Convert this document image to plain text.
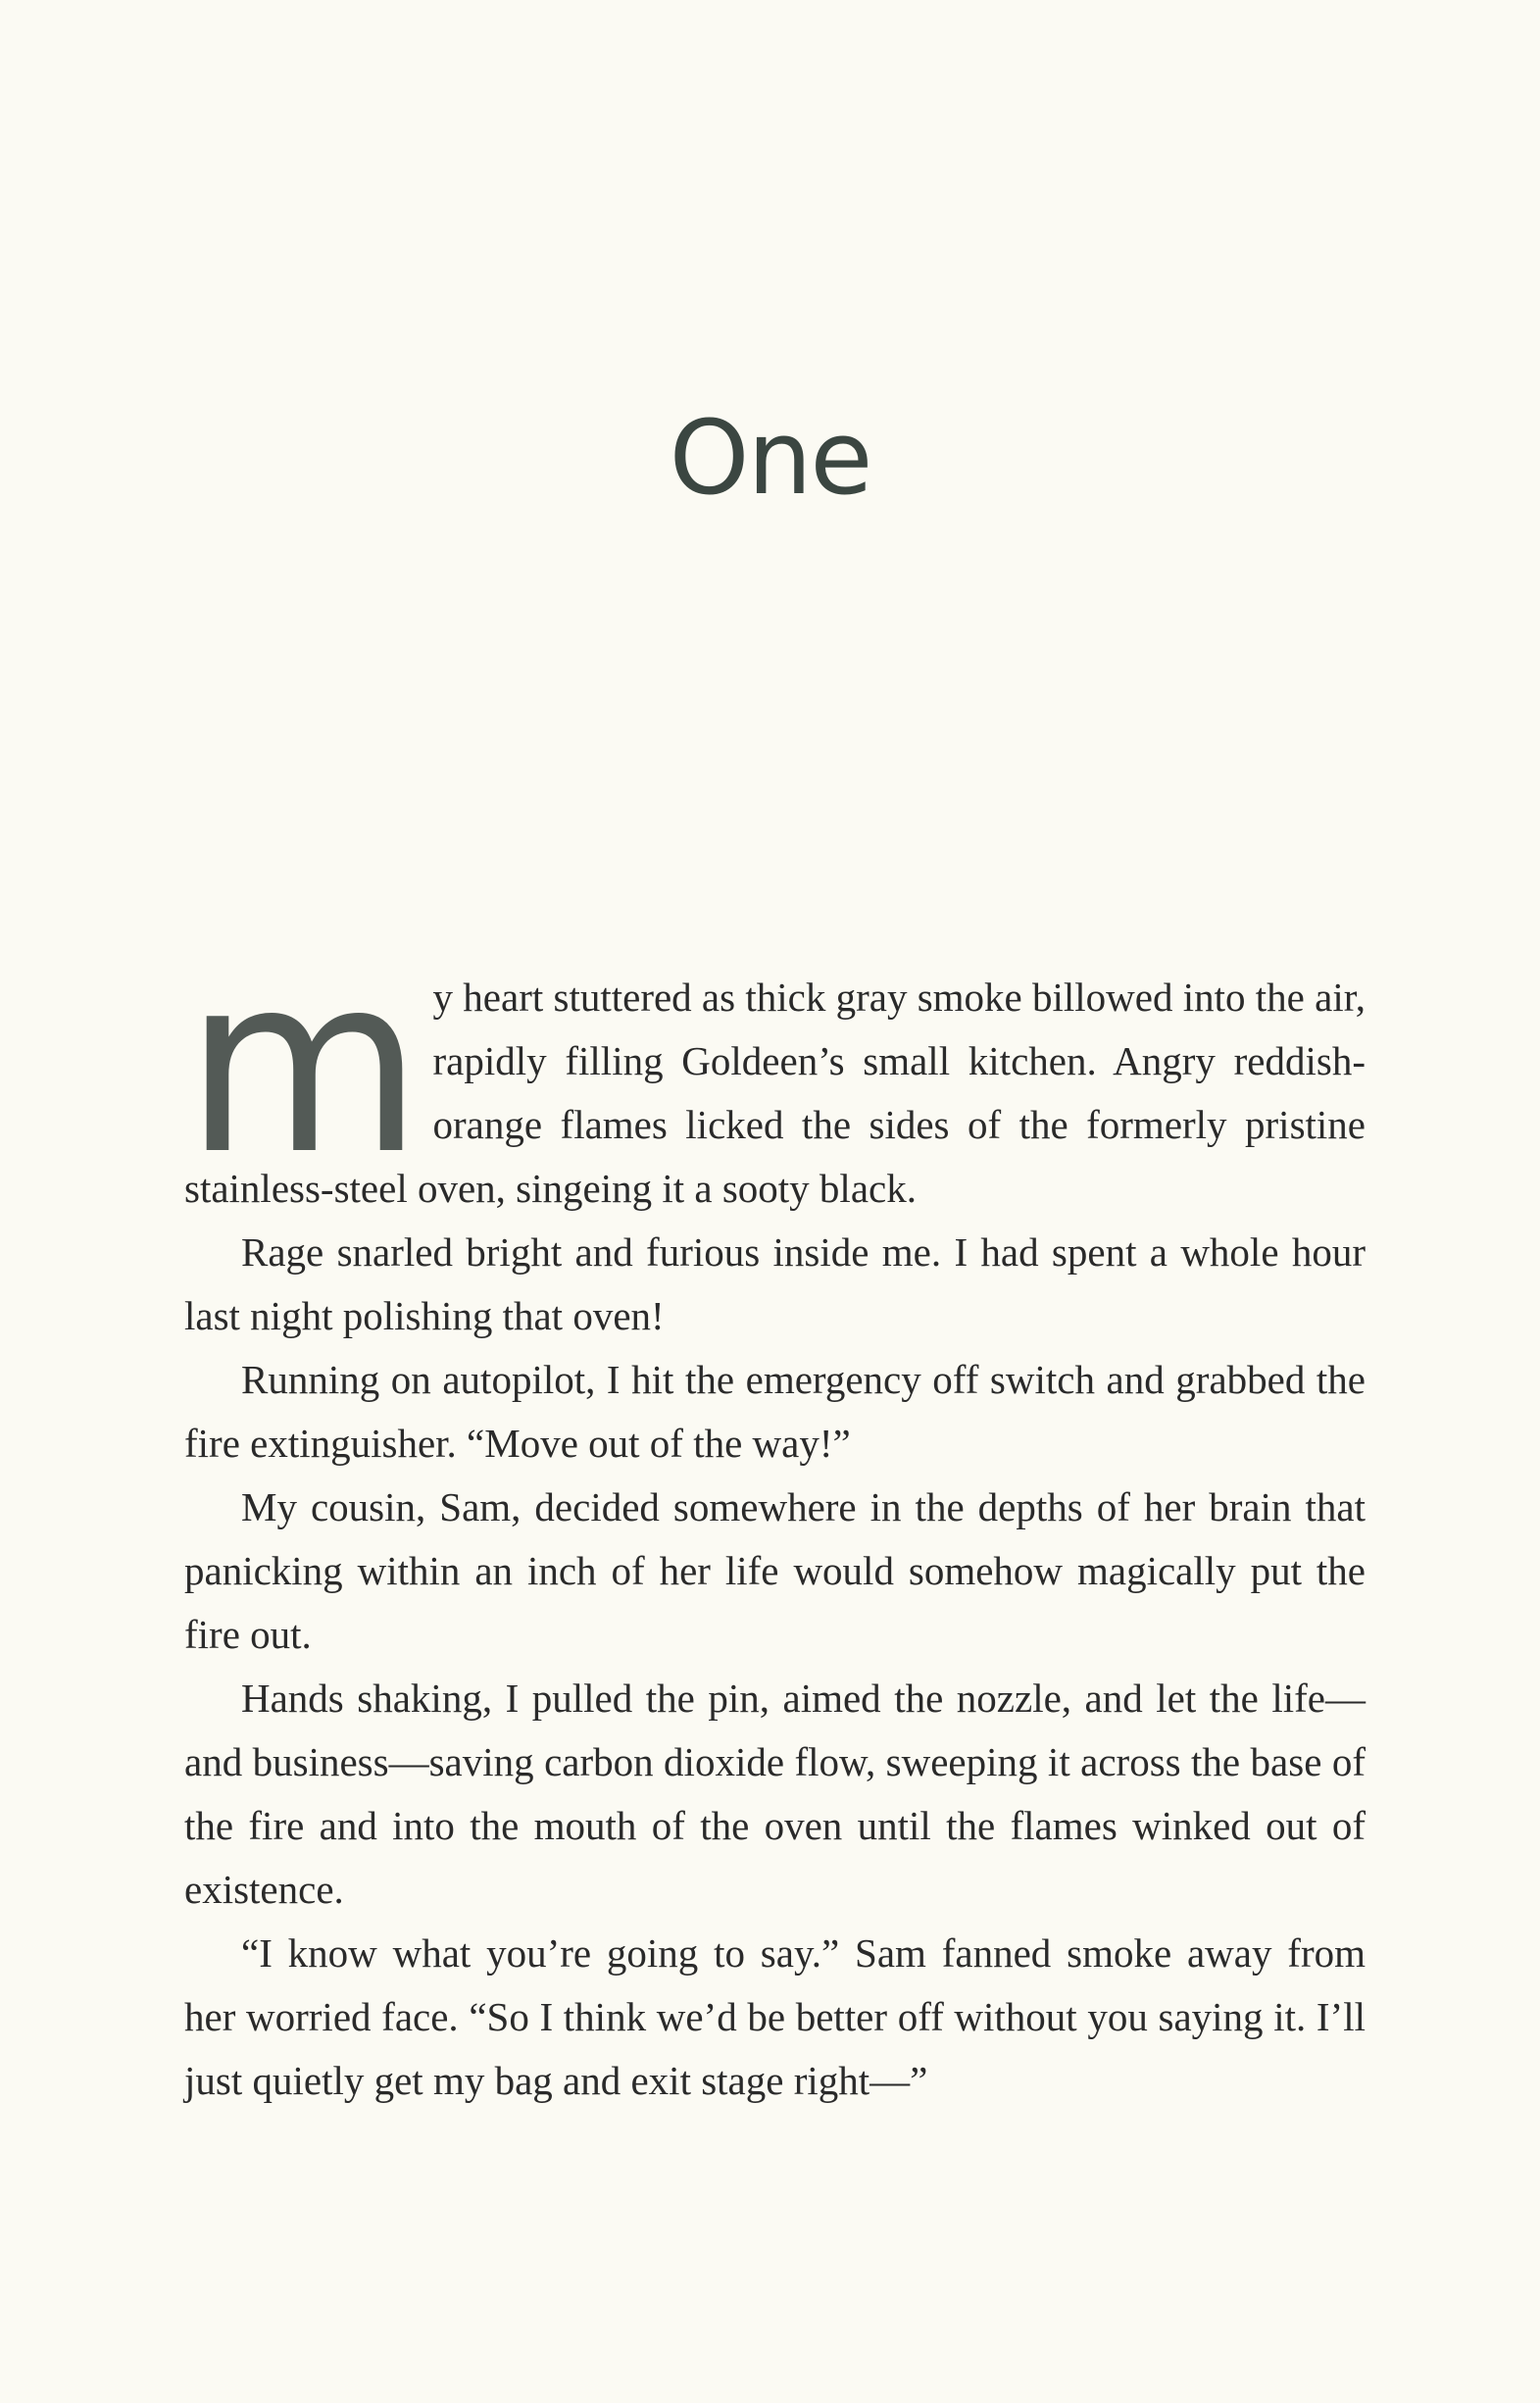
One

my heart stuttered as thick gray smoke billowed into the air, rapidly filling Goldeen’s small kitchen. Angry reddish-orange flames licked the sides of the formerly pristine stainless-steel oven, singeing it a sooty black.

Rage snarled bright and furious inside me. I had spent a whole hour last night polishing that oven!

Running on autopilot, I hit the emergency off switch and grabbed the fire extinguisher. “Move out of the way!”

My cousin, Sam, decided somewhere in the depths of her brain that panicking within an inch of her life would somehow magically put the fire out.

Hands shaking, I pulled the pin, aimed the nozzle, and let the life—and business—saving carbon dioxide flow, sweeping it across the base of the fire and into the mouth of the oven until the flames winked out of existence.

“I know what you’re going to say.” Sam fanned smoke away from her worried face. “So I think we’d be better off without you saying it. I’ll just quietly get my bag and exit stage right—”
